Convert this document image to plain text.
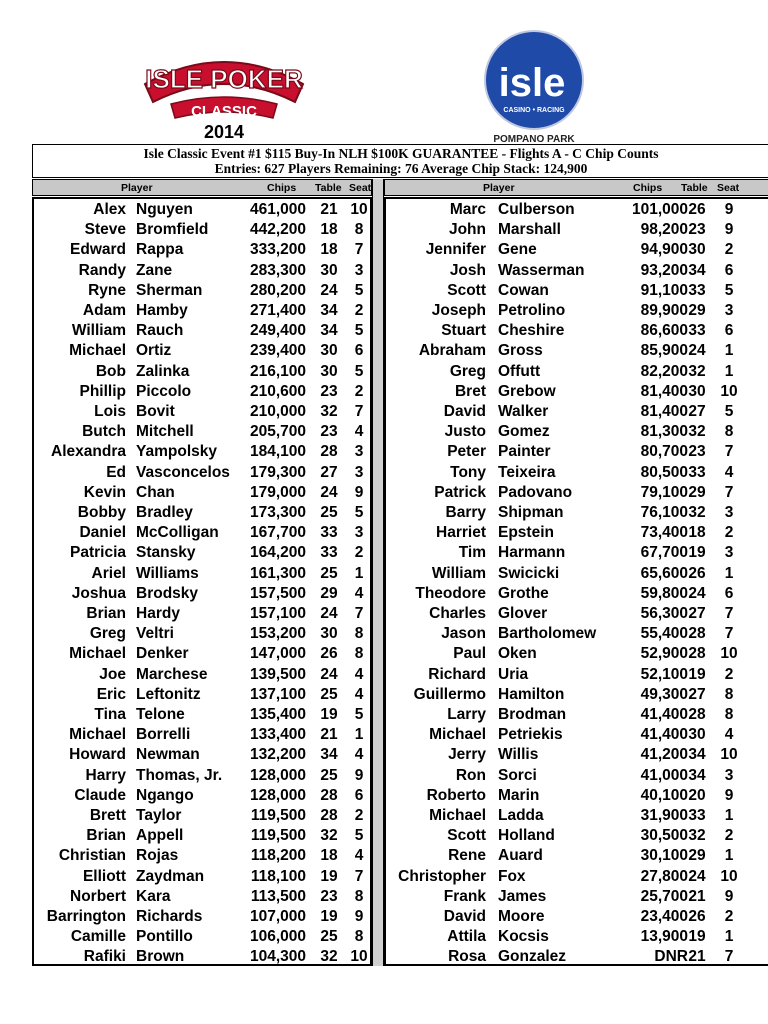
ISLE POKER
CLASSIC
2014
isle
CASINO • RACING
POMPANO PARK
Isle Classic Event #1 $115 Buy-In NLH $100K GUARANTEE - Flights A - C Chip Counts
Entries: 627 Players Remaining: 76 Average Chip Stack: 124,900
Player	Chips Table Seat	Player	Chips Table Seat
Alex Nguyen	461,000 21 10
Steve Bromfield	442,200 18	8
Edward Rappa	333,200 18	7
Randy Zane	283,300 30	3
Ryne Sherman	280,200 24	5
Adam Hamby	271,400 34	2
William Rauch	249,400 34	5
Michael Ortiz	239,400 30	6
Bob Zalinka	216,100 30	5
Phillip Piccolo	210,600 23	2
Lois Bovit	210,000 32	7
Butch Mitchell	205,700 23	4
Alexandra Yampolsky 184,100 28	3
Ed Vasconcelos 179,300 27	3
Kevin Chan	179,000 24	9
Bobby Bradley	173,300 25	5
Daniel McColligan 167,700 33	3
Patricia Stansky	164,200 33	2
Ariel Williams	161,300 25	1
Joshua Brodsky	157,500 29	4
Brian Hardy	157,100 24	7
Greg Veltri	153,200 30	8
Michael Denker	147,000 26	8
Joe Marchese	139,500 24	4
Eric Leftonitz	137,100 25	4
Tina Telone	135,400 19	5
Michael Borrelli	133,400 21	1
Howard Newman	132,200 34	4
Harry Thomas, Jr. 128,000 25	9
Claude Ngango	128,000 28	6
Brett Taylor	119,500 28	2
Brian Appell	119,500 32	5
Christian Rojas	118,200 18	4
Elliott Zaydman	118,100 19	7
Norbert Kara	113,500 23	8
Barrington Richards	107,000 19	9
Camille Pontillo	106,000 25	8
Rafiki Brown	104,300 32 10
Marc Culberson	101,000 26	9
John Marshall	98,200 23	9
Jennifer Gene	94,900 30	2
Josh Wasserman	93,200 34	6
Scott Cowan	91,100 33	5
Joseph Petrolino	89,900 29	3
Stuart Cheshire	86,600 33	6
Abraham Gross	85,900 24	1
Greg Offutt	82,200 32	1
Bret Grebow	81,400 30 10
David Walker	81,400 27	5
Justo Gomez	81,300 32	8
Peter Painter	80,700 23	7
Tony Teixeira	80,500 33	4
Patrick Padovano	79,100 29	7
Barry Shipman	76,100 32	3
Harriet Epstein	73,400 18	2
Tim Harmann	67,700 19	3
William Swicicki	65,600 26	1
Theodore Grothe	59,800 24	6
Charles Glover	56,300 27	7
Jason Bartholomew	55,400 28	7
Paul Oken	52,900 28 10
Richard Uria	52,100 19	2
Guillermo Hamilton	49,300 27	8
Larry Brodman	41,400 28	8
Michael Petriekis	41,400 30	4
Jerry Willis	41,200 34 10
Ron Sorci	41,000 34	3
Roberto Marin	40,100 20	9
Michael Ladda	31,900 33	1
Scott Holland	30,500 32	2
Rene Auard	30,100 29	1
Christopher Fox	27,800 24 10
Frank James	25,700 21	9
David Moore	23,400 26	2
Attila Kocsis	13,900 19	1
Rosa Gonzalez	DNR 21	7
